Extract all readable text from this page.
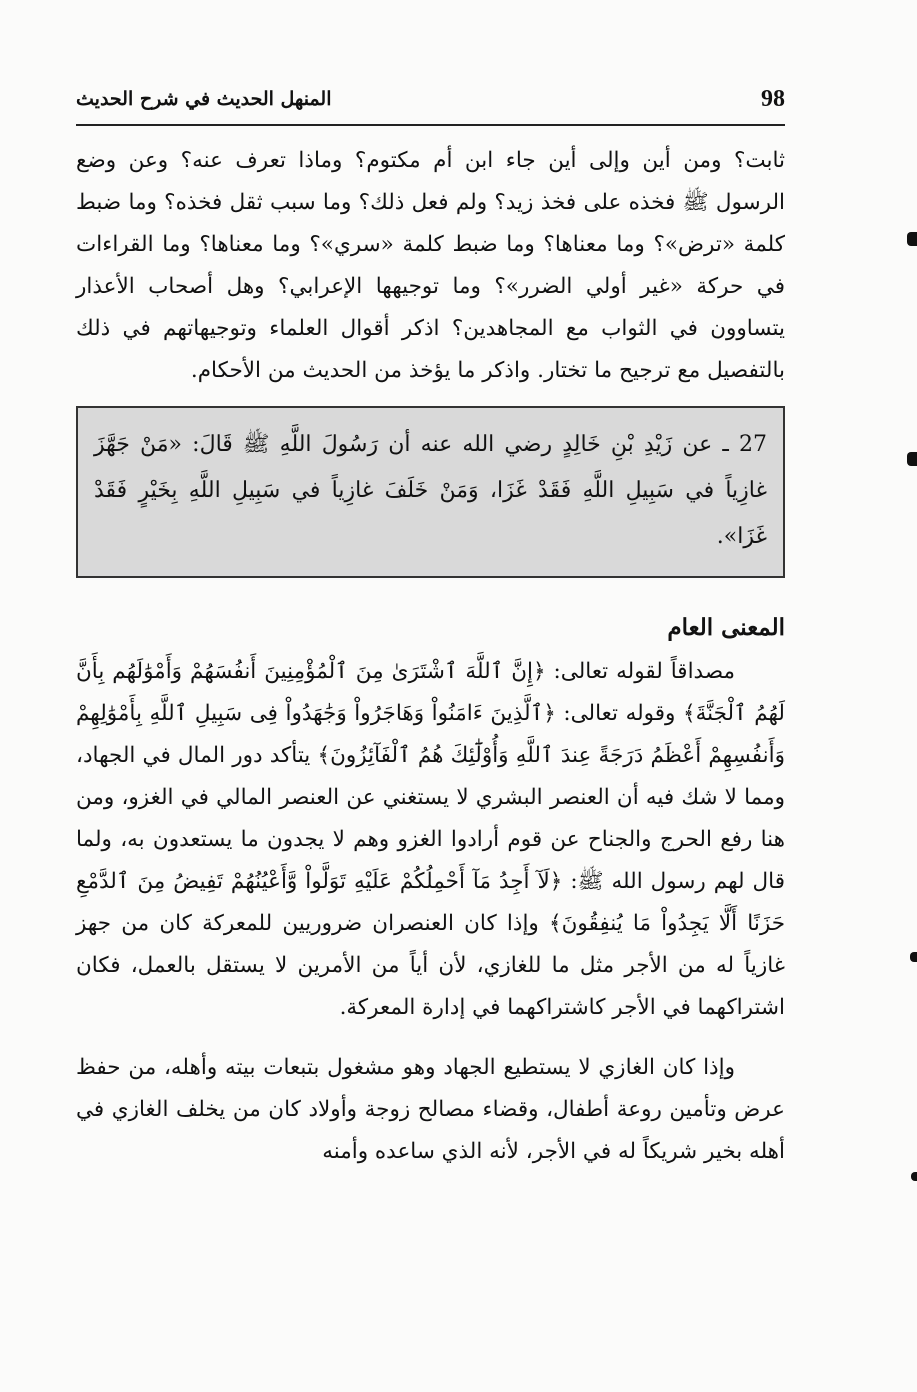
98
المنهل الحديث في شرح الحديث

ثابت؟ ومن أين وإلى أين جاء ابن أم مكتوم؟ وماذا تعرف عنه؟ وعن وضع الرسول ﷺ فخذه على فخذ زيد؟ ولم فعل ذلك؟ وما سبب ثقل فخذه؟ وما ضبط كلمة «ترض»؟ وما معناها؟ وما ضبط كلمة «سري»؟ وما معناها؟ وما القراءات في حركة «غير أولي الضرر»؟ وما توجيهها الإعرابي؟ وهل أصحاب الأعذار يتساوون في الثواب مع المجاهدين؟ اذكر أقوال العلماء وتوجيهاتهم في ذلك بالتفصيل مع ترجيح ما تختار. واذكر ما يؤخذ من الحديث من الأحكام.

27 ـ عن زَيْدِ بْنِ خَالِدٍ رضي الله عنه أن رَسُولَ اللَّهِ ﷺ قَالَ: «مَنْ جَهَّزَ غازِياً في سَبِيلِ اللَّهِ فَقَدْ غَزَا، وَمَنْ خَلَفَ غازِياً في سَبِيلِ اللَّهِ بِخَيْرٍ فَقَدْ غَزَا».

المعنى العام

مصداقاً لقوله تعالى: ﴿إِنَّ ٱللَّهَ ٱشْتَرَىٰ مِنَ ٱلْمُؤْمِنِينَ أَنفُسَهُمْ وَأَمْوَٰلَهُم بِأَنَّ لَهُمُ ٱلْجَنَّةَ﴾ وقوله تعالى: ﴿ٱلَّذِينَ ءَامَنُواْ وَهَاجَرُواْ وَجَٰهَدُواْ فِى سَبِيلِ ٱللَّهِ بِأَمْوَٰلِهِمْ وَأَنفُسِهِمْ أَعْظَمُ دَرَجَةً عِندَ ٱللَّهِ وَأُوْلَٰٓئِكَ هُمُ ٱلْفَآئِزُونَ﴾ يتأكد دور المال في الجهاد، ومما لا شك فيه أن العنصر البشري لا يستغني عن العنصر المالي في الغزو، ومن هنا رفع الحرج والجناح عن قوم أرادوا الغزو وهم لا يجدون ما يستعدون به، ولما قال لهم رسول الله ﷺ: ﴿لَآ أَجِدُ مَآ أَحْمِلُكُمْ عَلَيْهِ تَوَلَّواْ وَّأَعْيُنُهُمْ تَفِيضُ مِنَ ٱلدَّمْعِ حَزَنًا أَلَّا يَجِدُواْ مَا يُنفِقُونَ﴾ وإذا كان العنصران ضروريين للمعركة كان من جهز غازياً له من الأجر مثل ما للغازي، لأن أياً من الأمرين لا يستقل بالعمل، فكان اشتراكهما في الأجر كاشتراكهما في إدارة المعركة.

وإذا كان الغازي لا يستطيع الجهاد وهو مشغول بتبعات بيته وأهله، من حفظ عرض وتأمين روعة أطفال، وقضاء مصالح زوجة وأولاد كان من يخلف الغازي في أهله بخير شريكاً له في الأجر، لأنه الذي ساعده وأمنه
